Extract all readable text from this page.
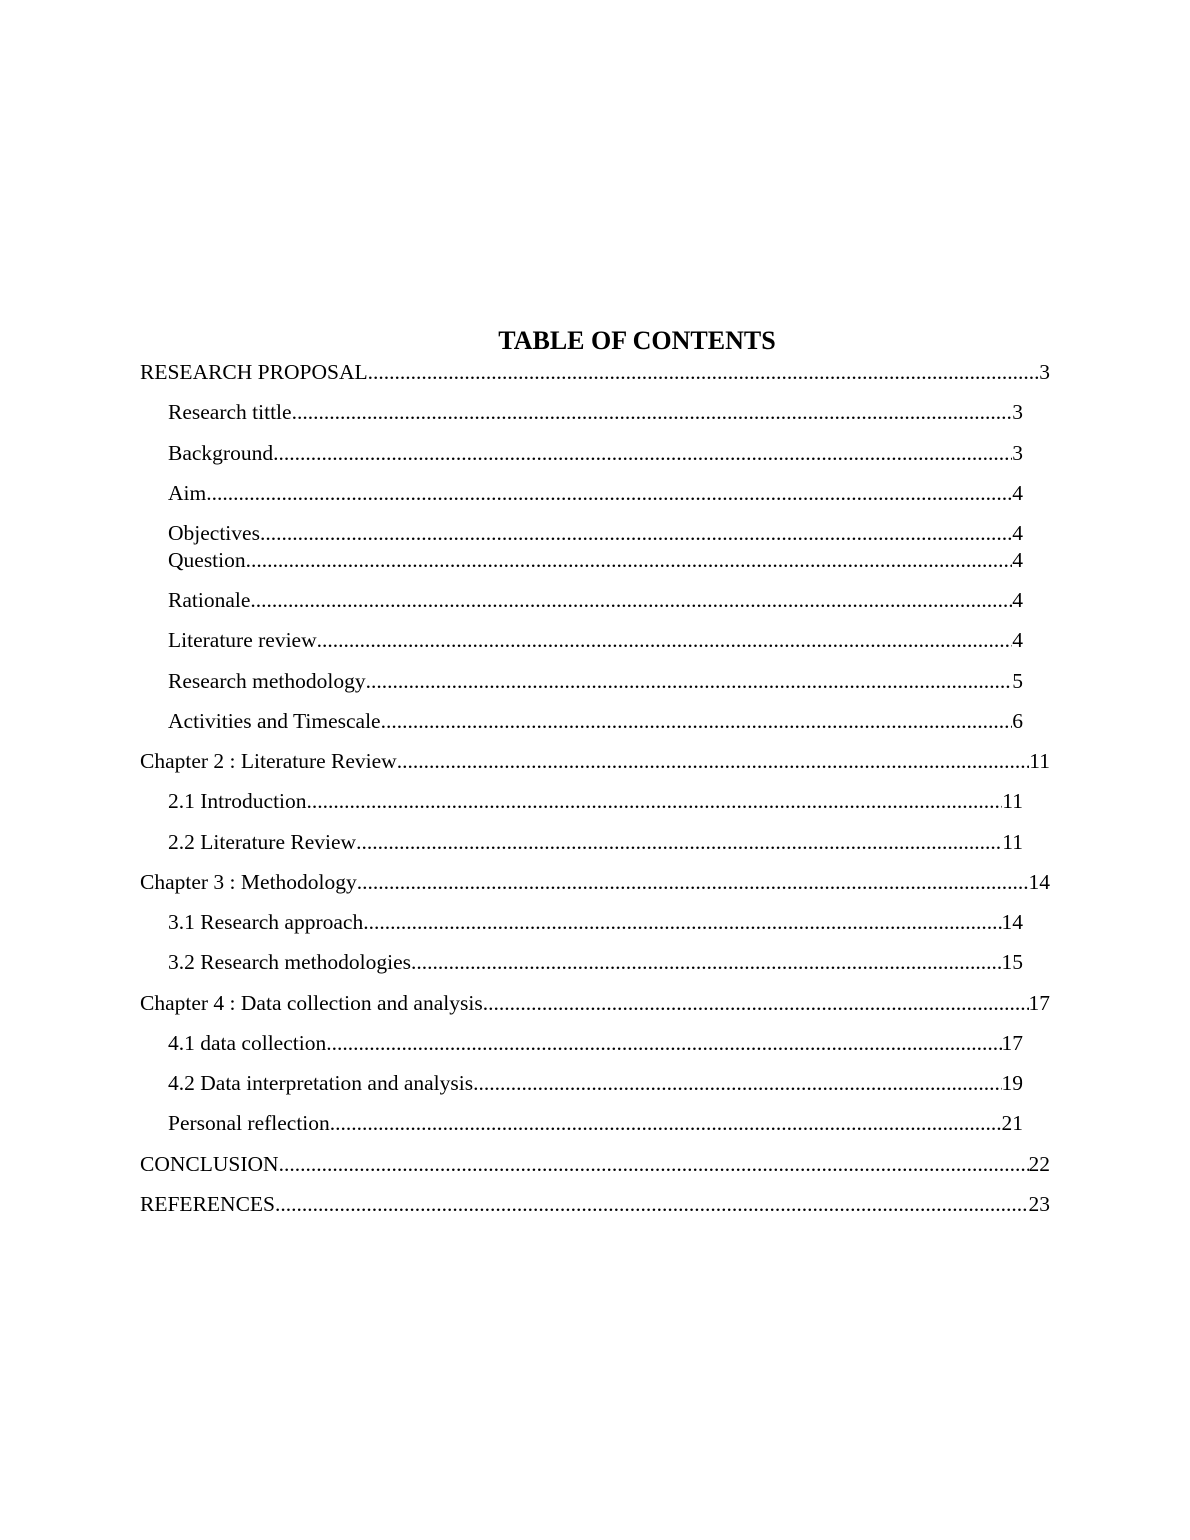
TABLE OF CONTENTS
RESEARCH PROPOSAL .....	3
Research tittle .....	3
Background .....	3
Aim .....	4
Objectives .....	4
Question .....	4
Rationale .....	4
Literature review .....	4
Research methodology .....	5
Activities and Timescale .....	6
Chapter 2 : Literature Review .....	11
2.1 Introduction .....	11
2.2 Literature Review .....	11
Chapter 3 : Methodology .....	14
3.1 Research approach .....	14
3.2 Research methodologies .....	15
Chapter 4 : Data collection and analysis .....	17
4.1 data collection .....	17
4.2 Data interpretation and analysis .....	19
Personal reflection .....	21
CONCLUSION .....	22
REFERENCES .....	23
